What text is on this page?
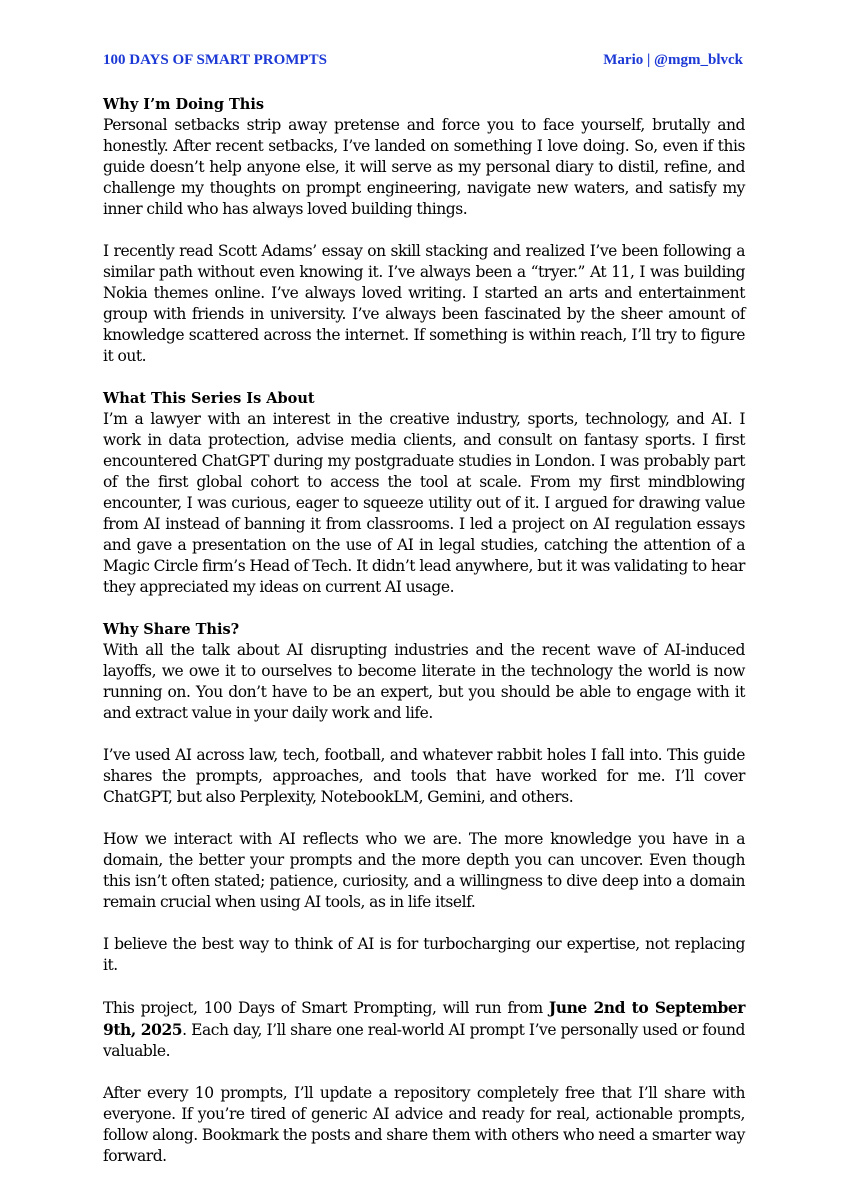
100 DAYS OF SMART PROMPTS	Mario | @mgm_blvck
Why I’m Doing This

Personal setbacks strip away pretense and force you to face yourself, brutally and honestly. After recent setbacks, I’ve landed on something I love doing. So, even if this guide doesn’t help anyone else, it will serve as my personal diary to distil, refine, and challenge my thoughts on prompt engineering, navigate new waters, and satisfy my inner child who has always loved building things.

I recently read Scott Adams’ essay on skill stacking and realized I’ve been following a similar path without even knowing it. I’ve always been a “tryer.” At 11, I was building Nokia themes online. I’ve always loved writing. I started an arts and entertainment group with friends in university. I’ve always been fascinated by the sheer amount of knowledge scattered across the internet. If something is within reach, I’ll try to figure it out.

What This Series Is About

I’m a lawyer with an interest in the creative industry, sports, technology, and AI. I work in data protection, advise media clients, and consult on fantasy sports. I first encountered ChatGPT during my postgraduate studies in London. I was probably part of the first global cohort to access the tool at scale. From my first mindblowing encounter, I was curious, eager to squeeze utility out of it. I argued for drawing value from AI instead of banning it from classrooms. I led a project on AI regulation essays and gave a presentation on the use of AI in legal studies, catching the attention of a Magic Circle firm’s Head of Tech. It didn’t lead anywhere, but it was validating to hear they appreciated my ideas on current AI usage.

Why Share This?

With all the talk about AI disrupting industries and the recent wave of AI-induced layoffs, we owe it to ourselves to become literate in the technology the world is now running on. You don’t have to be an expert, but you should be able to engage with it and extract value in your daily work and life.

I’ve used AI across law, tech, football, and whatever rabbit holes I fall into. This guide shares the prompts, approaches, and tools that have worked for me. I’ll cover ChatGPT, but also Perplexity, NotebookLM, Gemini, and others.

How we interact with AI reflects who we are. The more knowledge you have in a domain, the better your prompts and the more depth you can uncover. Even though this isn’t often stated; patience, curiosity, and a willingness to dive deep into a domain remain crucial when using AI tools, as in life itself.

I believe the best way to think of AI is for turbocharging our expertise, not replacing it.

This project, 100 Days of Smart Prompting, will run from June 2nd to September 9th, 2025. Each day, I’ll share one real-world AI prompt I’ve personally used or found valuable.

After every 10 prompts, I’ll update a repository completely free that I’ll share with everyone. If you’re tired of generic AI advice and ready for real, actionable prompts, follow along. Bookmark the posts and share them with others who need a smarter way forward.
